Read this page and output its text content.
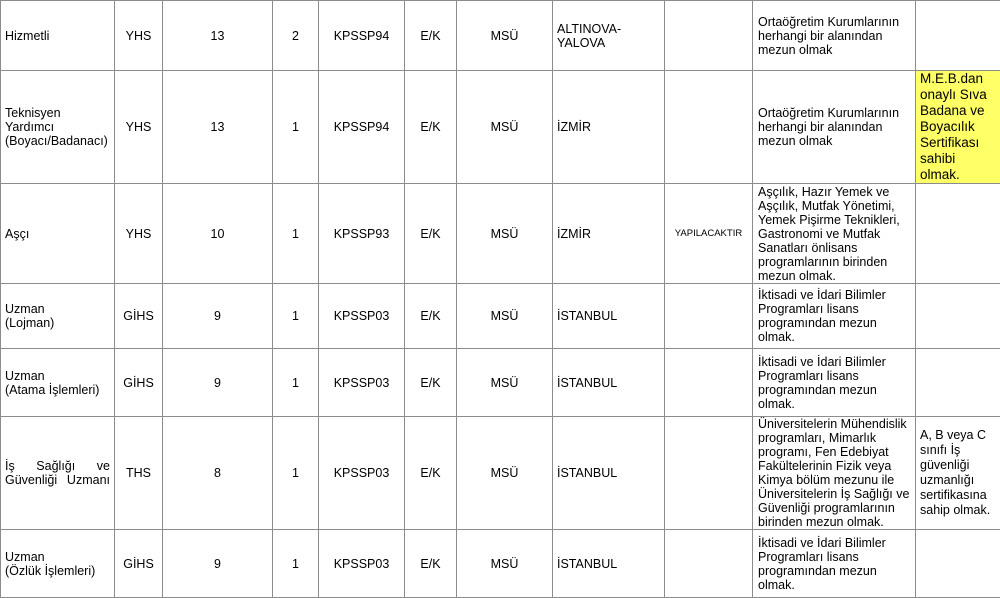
Hizmetli	YHS	13	2	KPSSP94	E/K	MSÜ	ALTINOVA-
YALOVA		Ortaöğretim Kurumlarının herhangi bir alanından mezun olmak	
Teknisyen
Yardımcı
(Boyacı/Badanacı)	YHS	13	1	KPSSP94	E/K	MSÜ	İZMİR		Ortaöğretim Kurumlarının herhangi bir alanından mezun olmak	M.E.B.dan onaylı Sıva Badana ve Boyacılık Sertifikası sahibi olmak.
Aşçı	YHS	10	1	KPSSP93	E/K	MSÜ	İZMİR	YAPILACAKTIR	Aşçılık, Hazır Yemek ve Aşçılık, Mutfak Yönetimi, Yemek Pişirme Teknikleri, Gastronomi ve Mutfak Sanatları önlisans programlarının birinden mezun olmak.	
Uzman
(Lojman)	GİHS	9	1	KPSSP03	E/K	MSÜ	İSTANBUL		İktisadi ve İdari Bilimler Programları lisans programından mezun olmak.	
Uzman
(Atama İşlemleri)	GİHS	9	1	KPSSP03	E/K	MSÜ	İSTANBUL		İktisadi ve İdari Bilimler Programları lisans programından mezun olmak.	
İş Sağlığı ve Güvenliği Uzmanı	THS	8	1	KPSSP03	E/K	MSÜ	İSTANBUL		Üniversitelerin Mühendislik programları, Mimarlık programı, Fen Edebiyat Fakültelerinin Fizik veya Kimya bölüm mezunu ile Üniversitelerin İş Sağlığı ve Güvenliği programlarının birinden mezun olmak.	A, B veya C sınıfı İş güvenliği uzmanlığı sertifikasına sahip olmak.
Uzman
(Özlük İşlemleri)	GİHS	9	1	KPSSP03	E/K	MSÜ	İSTANBUL		İktisadi ve İdari Bilimler Programları lisans programından mezun olmak.	
